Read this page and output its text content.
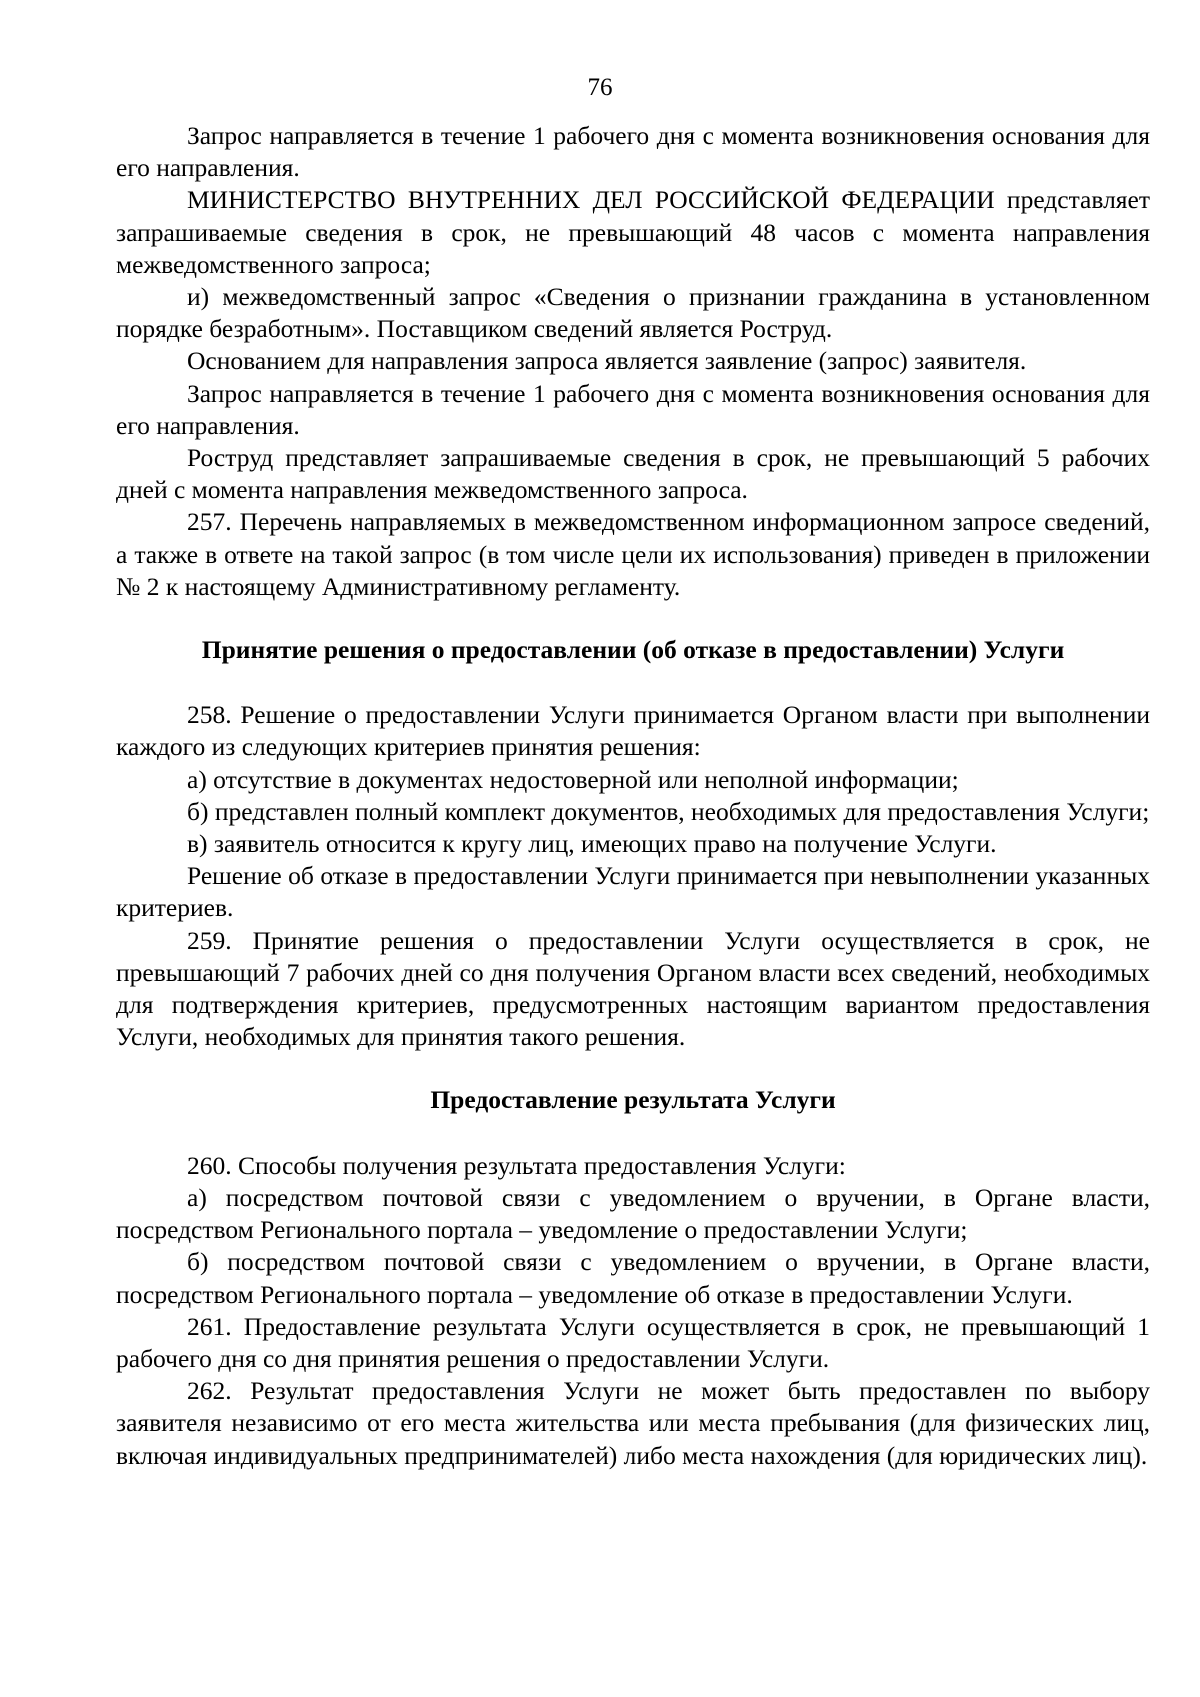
76

Запрос направляется в течение 1 рабочего дня с момента возникновения основания для его направления.

МИНИСТЕРСТВО ВНУТРЕННИХ ДЕЛ РОССИЙСКОЙ ФЕДЕРАЦИИ представляет запрашиваемые сведения в срок, не превышающий 48 часов с момента направления межведомственного запроса;

и) межведомственный запрос «Сведения о признании гражданина в установленном порядке безработным». Поставщиком сведений является Роструд.

Основанием для направления запроса является заявление (запрос) заявителя.

Запрос направляется в течение 1 рабочего дня с момента возникновения основания для его направления.

Роструд представляет запрашиваемые сведения в срок, не превышающий 5 рабочих дней с момента направления межведомственного запроса.

257. Перечень направляемых в межведомственном информационном запросе сведений, а также в ответе на такой запрос (в том числе цели их использования) приведен в приложении № 2 к настоящему Административному регламенту.

Принятие решения о предоставлении (об отказе в предоставлении) Услуги

258. Решение о предоставлении Услуги принимается Органом власти при выполнении каждого из следующих критериев принятия решения:

а) отсутствие в документах недостоверной или неполной информации;

б) представлен полный комплект документов, необходимых для предоставления Услуги;

в) заявитель относится к кругу лиц, имеющих право на получение Услуги.

Решение об отказе в предоставлении Услуги принимается при невыполнении указанных критериев.

259. Принятие решения о предоставлении Услуги осуществляется в срок, не превышающий 7 рабочих дней со дня получения Органом власти всех сведений, необходимых для подтверждения критериев, предусмотренных настоящим вариантом предоставления Услуги, необходимых для принятия такого решения.

Предоставление результата Услуги

260. Способы получения результата предоставления Услуги:

а) посредством почтовой связи с уведомлением о вручении, в Органе власти, посредством Регионального портала – уведомление о предоставлении Услуги;

б) посредством почтовой связи с уведомлением о вручении, в Органе власти, посредством Регионального портала – уведомление об отказе в предоставлении Услуги.

261. Предоставление результата Услуги осуществляется в срок, не превышающий 1 рабочего дня со дня принятия решения о предоставлении Услуги.

262. Результат предоставления Услуги не может быть предоставлен по выбору заявителя независимо от его места жительства или места пребывания (для физических лиц, включая индивидуальных предпринимателей) либо места нахождения (для юридических лиц).
